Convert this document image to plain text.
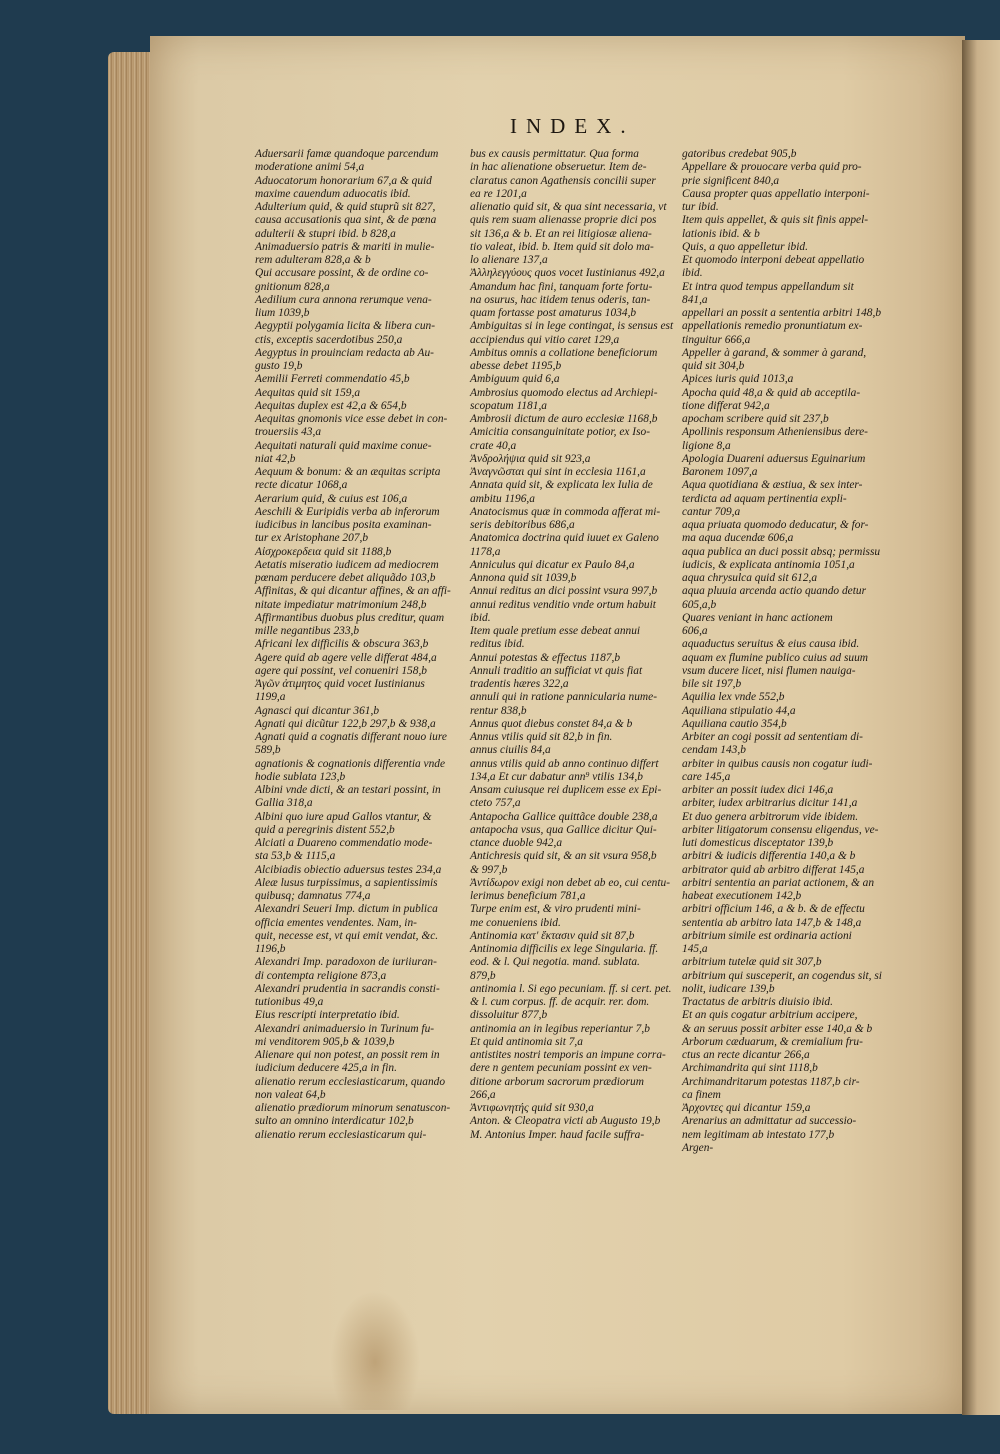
INDEX.

Aduersarii famæ quandoque parcendum
moderatione animi 54,a

Aduocatorum honorarium 67,a & quid
maxime cauendum aduocatis ibid.

Adulterium quid, & quid stuprũ sit 827,
causa accusationis qua sint, & de pœna
adulterii & stupri ibid. b 828,a

Animaduersio patris & mariti in mulie-
rem adulteram 828,a & b

Qui accusare possint, & de ordine co-
gnitionum 828,a

Aedilium cura annona rerumque vena-
lium 1039,b

Aegyptii polygamia licita & libera cun-
ctis, exceptis sacerdotibus 250,a

Aegyptus in prouinciam redacta ab Au-
gusto 19,b

Aemilii Ferreti commendatio 45,b

Aequitas quid sit 159,a

Aequitas duplex est 42,a & 654,b

Aequitas gnomonis vice esse debet in con-
trouersiis 43,a

Aequitati naturali quid maxime conue-
niat 42,b

Aequum & bonum: & an æquitas scripta
recte dicatur 1068,a

Aerarium quid, & cuius est 106,a

Aeschili & Euripidis verba ab inferorum
iudicibus in lancibus posita examinan-
tur ex Aristophane 207,b

Αἰσχροκερδεια quid sit 1188,b

Aetatis miseratio iudicem ad mediocrem
pœnam perducere debet aliquãdo 103,b

Affinitas, & qui dicantur affines, & an affi-
nitate impediatur matrimonium 248,b

Affirmantibus duobus plus creditur, quam
mille negantibus 233,b

Africani lex difficilis & obscura 363,b

Agere quid ab agere velle differat 484,a
agere qui possint, vel conueniri 158,b

Ἀγῶν ἀτιμητος quid vocet Iustinianus
1199,a

Agnasci qui dicantur 361,b

Agnati qui dicũtur 122,b 297,b & 938,a

Agnati quid a cognatis differant nouo iure
589,b

agnationis & cognationis differentia vnde
hodie sublata 123,b

Albini vnde dicti, & an testari possint, in
Gallia 318,a

Albini quo iure apud Gallos vtantur, &
quid a peregrinis distent 552,b

Alciati a Duareno commendatio mode-
sta 53,b & 1115,a

Alcibiadis obiectio aduersus testes 234,a

Aleæ lusus turpissimus, a sapientissimis
quibusq; damnatus 774,a

Alexandri Seueri Imp. dictum in publica
officia ementes vendentes. Nam, in-
quit, necesse est, vt qui emit vendat, &c.
1196,b

Alexandri Imp. paradoxon de iuriiuran-
di contempta religione 873,a

Alexandri prudentia in sacrandis consti-
tutionibus 49,a

Eius rescripti interpretatio ibid.

Alexandri animaduersio in Turinum fu-
mi venditorem 905,b & 1039,b

Alienare qui non potest, an possit rem in
iudicium deducere 425,a in fin.

alienatio rerum ecclesiasticarum, quando
non valeat 64,b

alienatio prædiorum minorum senatuscon-
sulto an omnino interdicatur 102,b

alienatio rerum ecclesiasticarum qui-

bus ex causis permittatur. Qua forma
in hac alienatione obseruetur. Item de-
claratus canon Agathensis concilii super
ea re 1201,a

alienatio quid sit, & qua sint necessaria, vt
quis rem suam alienasse proprie dici pos
sit 136,a & b. Et an rei litigiosæ aliena-
tio valeat, ibid. b. Item quid sit dolo ma-
lo alienare 137,a

Ἀλληλεγγύους quos vocet Iustinianus 492,a

Amandum hac fini, tanquam forte fortu-
na osurus, hac itidem tenus oderis, tan-
quam fortasse post amaturus 1034,b

Ambiguitas si in lege contingat, is sensus est
accipiendus qui vitio caret 129,a

Ambitus omnis a collatione beneficiorum
abesse debet 1195,b

Ambiguum quid 6,a

Ambrosius quomodo electus ad Archiepi-
scopatum 1181,a

Ambrosii dictum de auro ecclesiæ 1168,b

Amicitia consanguinitate potior, ex Iso-
crate 40,a

Ἀνδρολήψια quid sit 923,a

Ἀναγνῶσται qui sint in ecclesia 1161,a

Annata quid sit, & explicata lex Iulia de
ambitu 1196,a

Anatocismus quæ in commoda afferat mi-
seris debitoribus 686,a

Anatomica doctrina quid iuuet ex Galeno
1178,a

Anniculus qui dicatur ex Paulo 84,a

Annona quid sit 1039,b

Annui reditus an dici possint vsura 997,b
annui reditus venditio vnde ortum habuit
ibid.

Item quale pretium esse debeat annui
reditus ibid.

Annui potestas & effectus 1187,b

Annuli traditio an sufficiat vt quis fiat
tradentis hæres 322,a

annuli qui in ratione pannicularia nume-
rentur 838,b

Annus quot diebus constet 84,a & b

Annus vtilis quid sit 82,b in fin.
annus ciuilis 84,a

annus vtilis quid ab anno continuo differt
134,a Et cur dabatur ann⁹ vtilis 134,b

Ansam cuiusque rei duplicem esse ex Epi-
cteto 757,a

Antapocha Gallice quittãce double 238,a
antapocha vsus, qua Gallice dicitur Qui-
ctance duoble 942,a

Antichresis quid sit, & an sit vsura 958,b
& 997,b

Ἀντίδωρον exigi non debet ab eo, cui centu-
lerimus beneficium 781,a

Turpe enim est, & viro prudenti mini-
me conueniens ibid.

Antinomia κατ' ἔκτασιν quid sit 87,b

Antinomia difficilis ex lege Singularia. ff.
eod. & l. Qui negotia. mand. sublata.
879,b

antinomia l. Si ego pecuniam. ff. si cert. pet.
& l. cum corpus. ff. de acquir. rer. dom.
dissoluitur 877,b

antinomia an in legibus reperiantur 7,b
Et quid antinomia sit 7,a

antistites nostri temporis an impune corra-
dere n gentem pecuniam possint ex ven-
ditione arborum sacrorum prædiorum
266,a

Ἀντιφωνητής quid sit 930,a

Anton. & Cleopatra victi ab Augusto 19,b

M. Antonius Imper. haud facile suffra-

gatoribus credebat 905,b

Appellare & prouocare verba quid pro-
prie significent 840,a

Causa propter quas appellatio interponi-
tur ibid.

Item quis appellet, & quis sit finis appel-
lationis ibid. & b

Quis, a quo appelletur ibid.

Et quomodo interponi debeat appellatio
ibid.

Et intra quod tempus appellandum sit
841,a

appellari an possit a sententia arbitri 148,b

appellationis remedio pronuntiatum ex-
tinguitur 666,a

Appeller à garand, & sommer à garand,
quid sit 304,b

Apices iuris quid 1013,a

Apocha quid 48,a & quid ab acceptila-
tione differat 942,a

apocham scribere quid sit 237,b

Apollinis responsum Atheniensibus dere-
ligione 8,a

Apologia Duareni aduersus Eguinarium
Baronem 1097,a

Aqua quotidiana & æstiua, & sex inter-
terdicta ad aquam pertinentia expli-
cantur 709,a

aqua priuata quomodo deducatur, & for-
ma aqua ducendæ 606,a

aqua publica an duci possit absq; permissu
iudicis, & explicata antinomia 1051,a

aqua chrysulca quid sit 612,a

aqua pluuia arcenda actio quando detur
605,a,b

Quares veniant in hanc actionem
606,a

aquaductus seruitus & eius causa ibid.
aquam ex flumine publico cuius ad suum
vsum ducere licet, nisi flumen nauiga-
bile sit 197,b

Aquilia lex vnde 552,b

Aquiliana stipulatio 44,a

Aquiliana cautio 354,b

Arbiter an cogi possit ad sententiam di-
cendam 143,b

arbiter in quibus causis non cogatur iudi-
care 145,a

arbiter an possit iudex dici 146,a

arbiter, iudex arbitrarius dicitur 141,a
Et duo genera arbitrorum vide ibidem.

arbiter litigatorum consensu eligendus, ve-
luti domesticus disceptator 139,b

arbitri & iudicis differentia 140,a & b

arbitrator quid ab arbitro differat 145,a

arbitri sententia an pariat actionem, & an
habeat executionem 142,b

arbitri officium 146, a & b. & de effectu
sententia ab arbitro lata 147,b & 148,a

arbitrium simile est ordinaria actioni
145,a

arbitrium tutelæ quid sit 307,b

arbitrium qui susceperit, an cogendus sit, si
nolit, iudicare 139,b

Tractatus de arbitris diuisio ibid.

Et an quis cogatur arbitrium accipere,
& an seruus possit arbiter esse 140,a & b

Arborum cæduarum, & cremialium fru-
ctus an recte dicantur 266,a

Archimandrita qui sint 1118,b

Archimandritarum potestas 1187,b cir-
ca finem

Ἀρχοντες qui dicantur 159,a

Arenarius an admittatur ad successio-
nem legitimam ab intestato 177,b

Argen-
